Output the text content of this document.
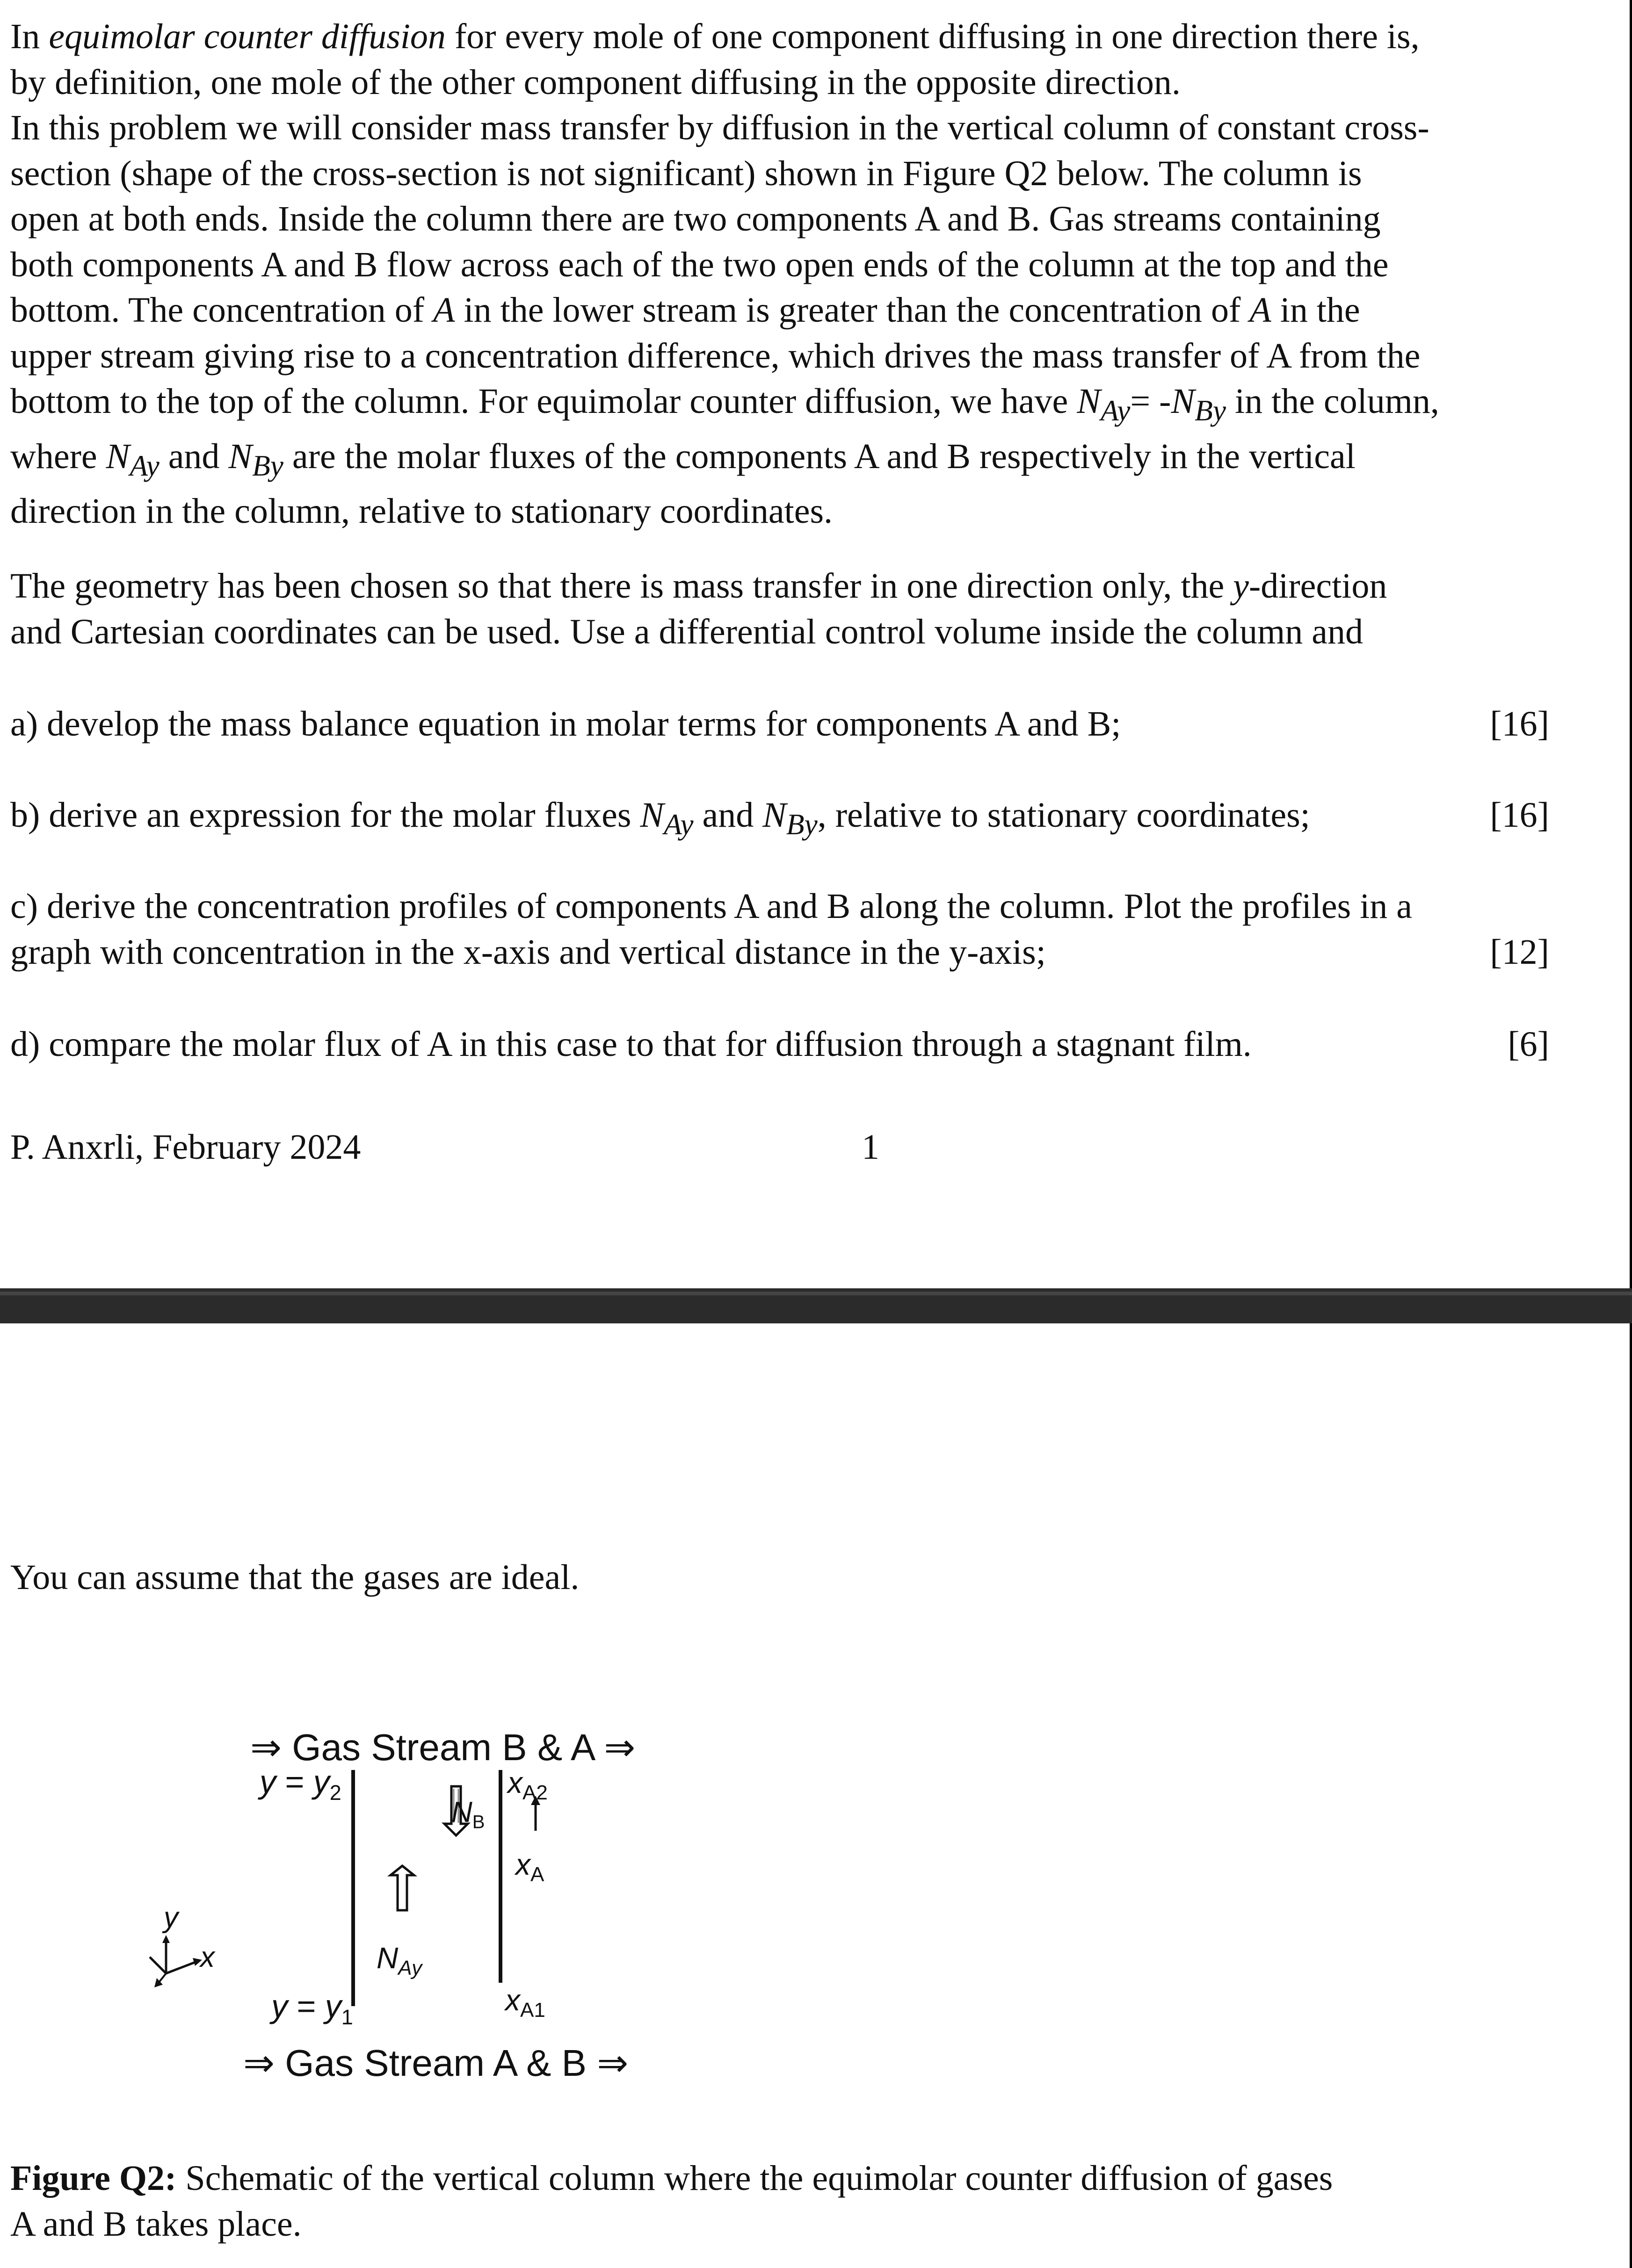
In equimolar counter diffusion for every mole of one component diffusing in one direction there is,
by definition, one mole of the other component diffusing in the opposite direction.
In this problem we will consider mass transfer by diffusion in the vertical column of constant cross-
section (shape of the cross-section is not significant) shown in Figure Q2 below. The column is
open at both ends. Inside the column there are two components A and B. Gas streams containing
both components A and B flow across each of the two open ends of the column at the top and the
bottom. The concentration of A in the lower stream is greater than the concentration of A in the
upper stream giving rise to a concentration difference, which drives the mass transfer of A from the
bottom to the top of the column. For equimolar counter diffusion, we have $N_{Ay}= -N_{By}$ in the column,
where $N_{Ay}$ and $N_{By}$ are the molar fluxes of the components A and B respectively in the vertical
direction in the column, relative to stationary coordinates.
The geometry has been chosen so that there is mass transfer in one direction only, the y-direction
and Cartesian coordinates can be used. Use a differential control volume inside the column and
a) develop the mass balance equation in molar terms for components A and B;	[16]
b) derive an expression for the molar fluxes $N_{Ay}$ and $N_{By}$, relative to stationary coordinates;	[16]
c) derive the concentration profiles of components A and B along the column. Plot the profiles in a
graph with concentration in the x-axis and vertical distance in the y-axis;	[12]
d) compare the molar flux of A in this case to that for diffusion through a stagnant film.	[6]
P. Anxrli, February 2024	1
You can assume that the gases are ideal.
⇒ Gas Stream B & A ⇒
$y = y_2$
$N_B$
$x_{A2}$
$x_A$
$N_{Ay}$
$x_{A1}$
$y = y_1$
y
x
⇒ Gas Stream A & B ⇒
Figure Q2: Schematic of the vertical column where the equimolar counter diffusion of gases
A and B takes place.
